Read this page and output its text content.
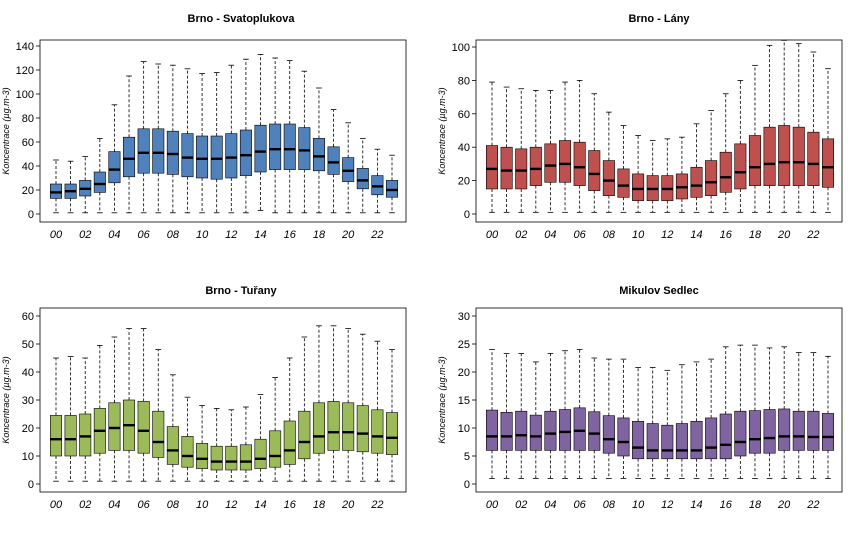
Brno - Svatoplukova
Koncentrace (µg.m-3)
0
20
40
60
80
100
120
140
00 02 04 06 08 10 12 14 16 18 20 22
Brno - Lány
Koncentrace (µg.m-3)
0
20
40
60
80
100
00 02 04 06 08 10 12 14 16 18 20 22
Brno - Tuřany
Koncentrace (µg.m-3)
0
10
20
30
40
50
60
00 02 04 06 08 10 12 14 16 18 20 22
Mikulov Sedlec
Koncentrace (µg.m-3)
0
5
10
15
20
25
30
00 02 04 06 08 10 12 14 16 18 20 22
